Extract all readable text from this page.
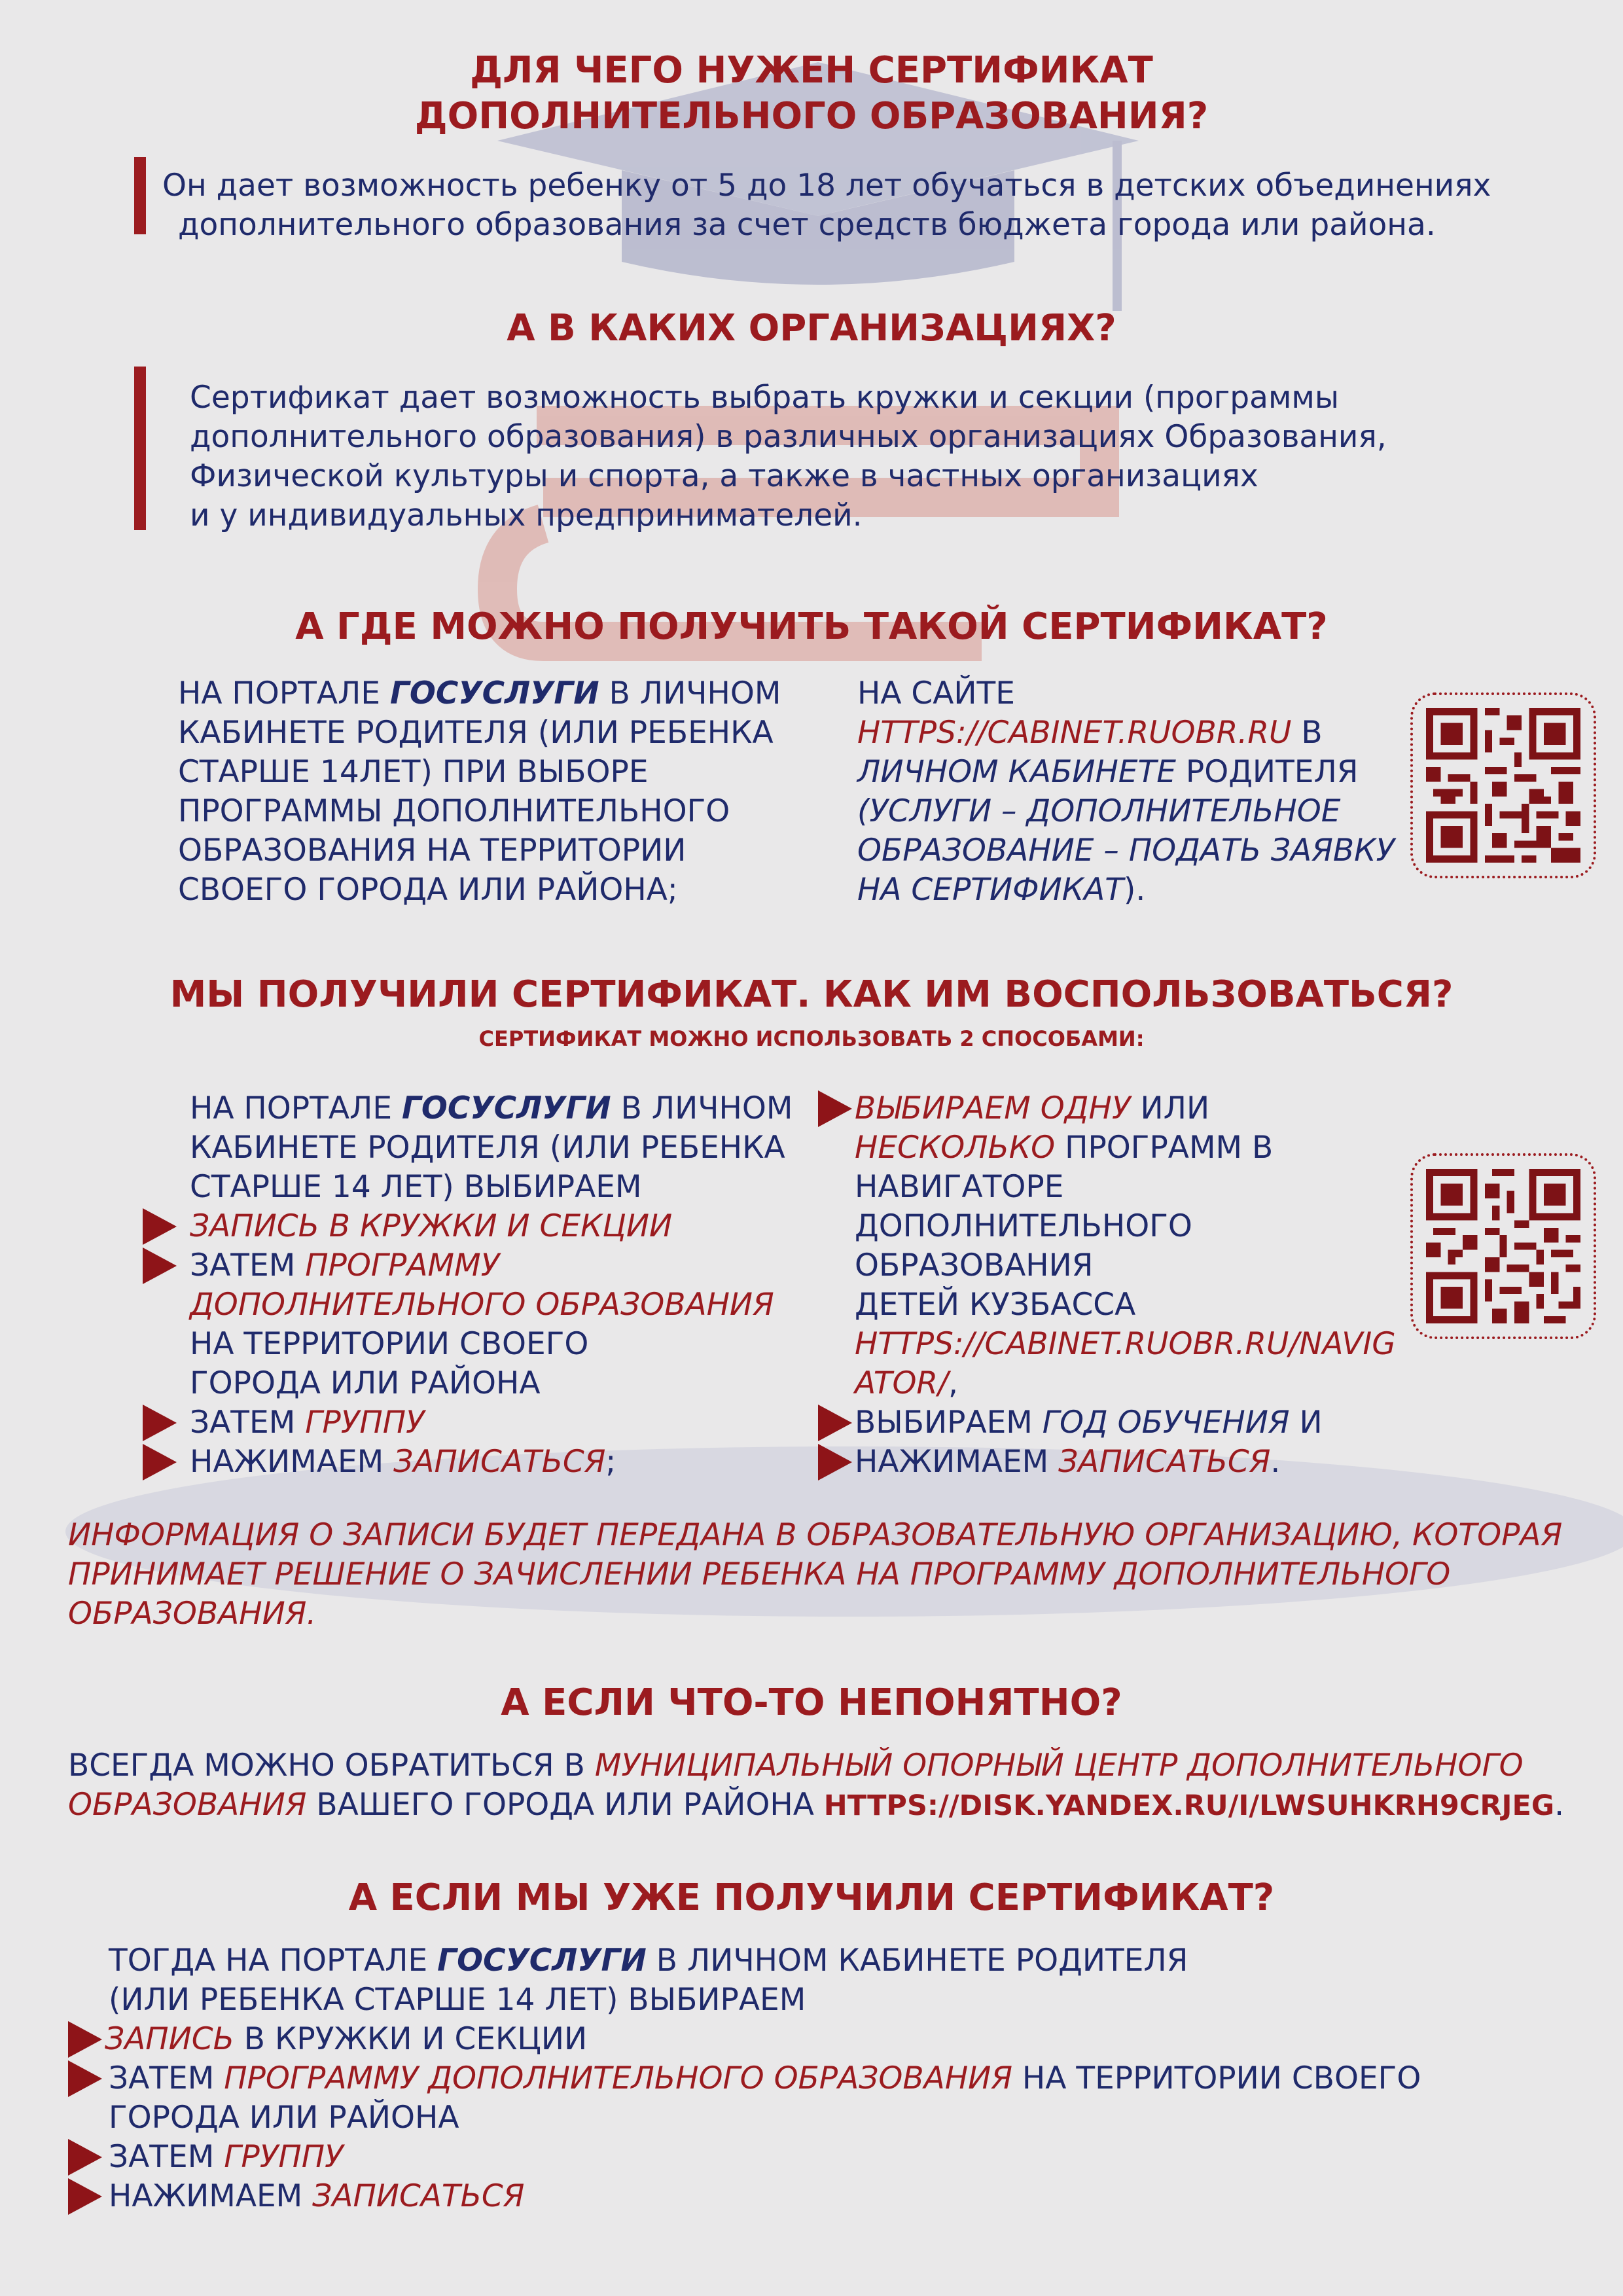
ДЛЯ ЧЕГО НУЖЕН СЕРТИФИКАТ
ДОПОЛНИТЕЛЬНОГО ОБРАЗОВАНИЯ?
Он дает возможность ребенку от 5 до 18 лет обучаться в детских объединениях
дополнительного образования за счет средств бюджета города или района.
А В КАКИХ ОРГАНИЗАЦИЯХ?
Сертификат дает возможность выбрать кружки и секции (программы
дополнительного образования) в различных организациях Образования,
Физической культуры и спорта, а также в частных организациях
и у индивидуальных предпринимателей.
А ГДЕ МОЖНО ПОЛУЧИТЬ ТАКОЙ СЕРТИФИКАТ?
НА ПОРТАЛЕ ГОСУСЛУГИ В ЛИЧНОМ
КАБИНЕТЕ РОДИТЕЛЯ (ИЛИ РЕБЕНКА
СТАРШЕ 14ЛЕТ) ПРИ ВЫБОРЕ
ПРОГРАММЫ ДОПОЛНИТЕЛЬНОГО
ОБРАЗОВАНИЯ НА ТЕРРИТОРИИ
СВОЕГО ГОРОДА ИЛИ РАЙОНА;
НА САЙТЕ
HTTPS://CABINET.RUOBR.RU В
ЛИЧНОМ КАБИНЕТЕ РОДИТЕЛЯ
(УСЛУГИ – ДОПОЛНИТЕЛЬНОЕ
ОБРАЗОВАНИЕ – ПОДАТЬ ЗАЯВКУ
НА СЕРТИФИКАТ).
МЫ ПОЛУЧИЛИ СЕРТИФИКАТ. КАК ИМ ВОСПОЛЬЗОВАТЬСЯ?
СЕРТИФИКАТ МОЖНО ИСПОЛЬЗОВАТЬ 2 СПОСОБАМИ:
НА ПОРТАЛЕ ГОСУСЛУГИ В ЛИЧНОМ
КАБИНЕТЕ РОДИТЕЛЯ (ИЛИ РЕБЕНКА
СТАРШЕ 14 ЛЕТ) ВЫБИРАЕМ
ЗАПИСЬ В КРУЖКИ И СЕКЦИИ
ЗАТЕМ ПРОГРАММУ
ДОПОЛНИТЕЛЬНОГО ОБРАЗОВАНИЯ
НА ТЕРРИТОРИИ СВОЕГО
ГОРОДА ИЛИ РАЙОНА
ЗАТЕМ ГРУППУ
НАЖИМАЕМ ЗАПИСАТЬСЯ;
ВЫБИРАЕМ ОДНУ ИЛИ
НЕСКОЛЬКО ПРОГРАММ В
НАВИГАТОРЕ
ДОПОЛНИТЕЛЬНОГО
ОБРАЗОВАНИЯ
ДЕТЕЙ КУЗБАССА
HTTPS://CABINET.RUOBR.RU/NAVIG
ATOR/,
ВЫБИРАЕМ ГОД ОБУЧЕНИЯ И
НАЖИМАЕМ ЗАПИСАТЬСЯ.
ИНФОРМАЦИЯ О ЗАПИСИ БУДЕТ ПЕРЕДАНА В ОБРАЗОВАТЕЛЬНУЮ ОРГАНИЗАЦИЮ, КОТОРАЯ
ПРИНИМАЕТ РЕШЕНИЕ О ЗАЧИСЛЕНИИ РЕБЕНКА НА ПРОГРАММУ ДОПОЛНИТЕЛЬНОГО
ОБРАЗОВАНИЯ.
А ЕСЛИ ЧТО-ТО НЕПОНЯТНО?
ВСЕГДА МОЖНО ОБРАТИТЬСЯ В МУНИЦИПАЛЬНЫЙ ОПОРНЫЙ ЦЕНТР ДОПОЛНИТЕЛЬНОГО
ОБРАЗОВАНИЯ ВАШЕГО ГОРОДА ИЛИ РАЙОНА HTTPS://DISK.YANDEX.RU/I/LWSUHKRH9CRJEG.
А ЕСЛИ МЫ УЖЕ ПОЛУЧИЛИ СЕРТИФИКАТ?
ТОГДА НА ПОРТАЛЕ ГОСУСЛУГИ В ЛИЧНОМ КАБИНЕТЕ РОДИТЕЛЯ
(ИЛИ РЕБЕНКА СТАРШЕ 14 ЛЕТ) ВЫБИРАЕМ
ЗАПИСЬ В КРУЖКИ И СЕКЦИИ
ЗАТЕМ ПРОГРАММУ ДОПОЛНИТЕЛЬНОГО ОБРАЗОВАНИЯ НА ТЕРРИТОРИИ СВОЕГО
ГОРОДА ИЛИ РАЙОНА
ЗАТЕМ ГРУППУ
НАЖИМАЕМ ЗАПИСАТЬСЯ
